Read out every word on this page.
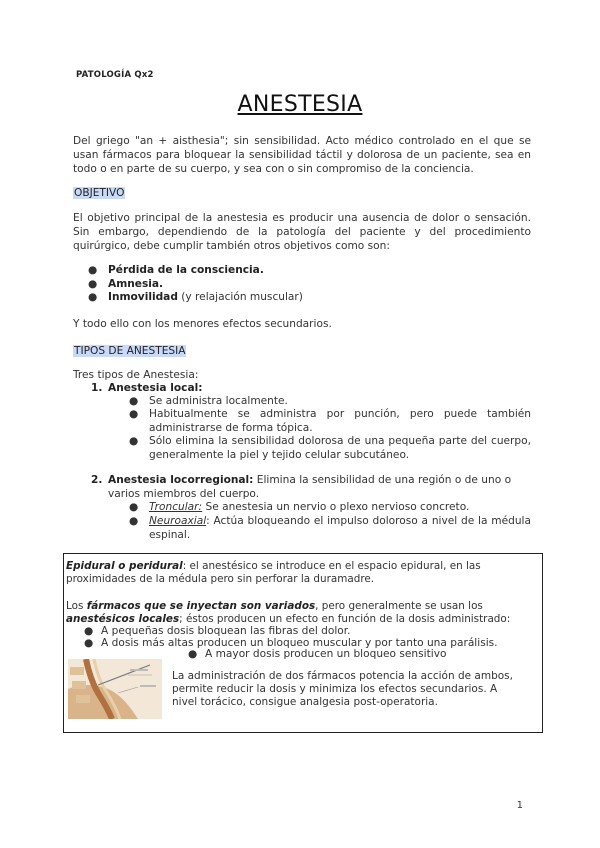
PATOLOGÍA Qx2
ANESTESIA
Del griego "an + aisthesia"; sin sensibilidad. Acto médico controlado en el que se usan fármacos para bloquear la sensibilidad táctil y dolorosa de un paciente, sea en todo o en parte de su cuerpo, y sea con o sin compromiso de la conciencia.
OBJETIVO
El objetivo principal de la anestesia es producir una ausencia de dolor o sensación. Sin embargo, dependiendo de la patología del paciente y del procedimiento quirúrgico, debe cumplir también otros objetivos como son:
● Pérdida de la consciencia.
● Amnesia.
● Inmovilidad (y relajación muscular)
Y todo ello con los menores efectos secundarios.
TIPOS DE ANESTESIA
Tres tipos de Anestesia:
1. Anestesia local:
● Se administra localmente.
● Habitualmente se administra por punción, pero puede también administrarse de forma tópica.
● Sólo elimina la sensibilidad dolorosa de una pequeña parte del cuerpo, generalmente la piel y tejido celular subcutáneo.
2. Anestesia locorregional: Elimina la sensibilidad de una región o de uno o varios miembros del cuerpo.
● Troncular: Se anestesia un nervio o plexo nervioso concreto.
● Neuroaxial: Actúa bloqueando el impulso doloroso a nivel de la médula espinal.
Epidural o peridural: el anestésico se introduce en el espacio epidural, en las proximidades de la médula pero sin perforar la duramadre.
Los fármacos que se inyectan son variados, pero generalmente se usan los anestésicos locales; éstos producen un efecto en función de la dosis administrado:
● A pequeñas dosis bloquean las fibras del dolor.
● A dosis más altas producen un bloqueo muscular y por tanto una parálisis.
● A mayor dosis producen un bloqueo sensitivo
La administración de dos fármacos potencia la acción de ambos, permite reducir la dosis y minimiza los efectos secundarios. A nivel torácico, consigue analgesia post-operatoria.
1
